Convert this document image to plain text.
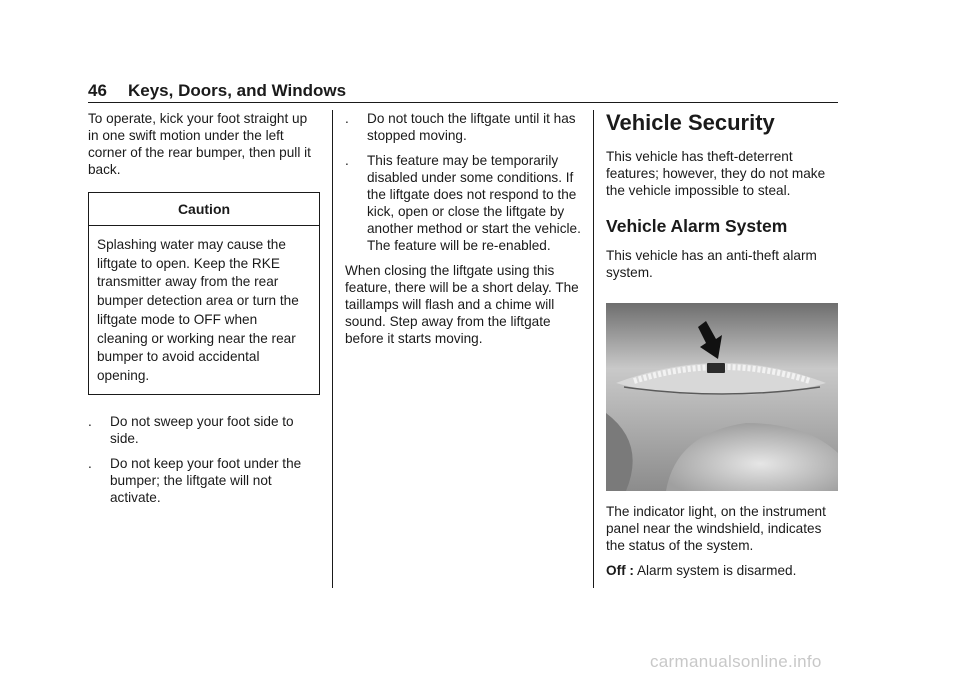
46 Keys, Doors, and Windows

To operate, kick your foot straight up in one swift motion under the left corner of the rear bumper, then pull it back.

Caution
Splashing water may cause the liftgate to open. Keep the RKE transmitter away from the rear bumper detection area or turn the liftgate mode to OFF when cleaning or working near the rear bumper to avoid accidental opening.
.	Do not sweep your foot side to side.
.	Do not keep your foot under the bumper; the liftgate will not activate.
.	Do not touch the liftgate until it has stopped moving.
.	This feature may be temporarily disabled under some conditions. If the liftgate does not respond to the kick, open or close the liftgate by another method or start the vehicle. The feature will be re-enabled.

When closing the liftgate using this feature, there will be a short delay. The taillamps will flash and a chime will sound. Step away from the liftgate before it starts moving.

Vehicle Security

This vehicle has theft-deterrent features; however, they do not make the vehicle impossible to steal.

Vehicle Alarm System

This vehicle has an anti-theft alarm system.

The indicator light, on the instrument panel near the windshield, indicates the status of the system.

Off : Alarm system is disarmed.

carmanualsonline.info
